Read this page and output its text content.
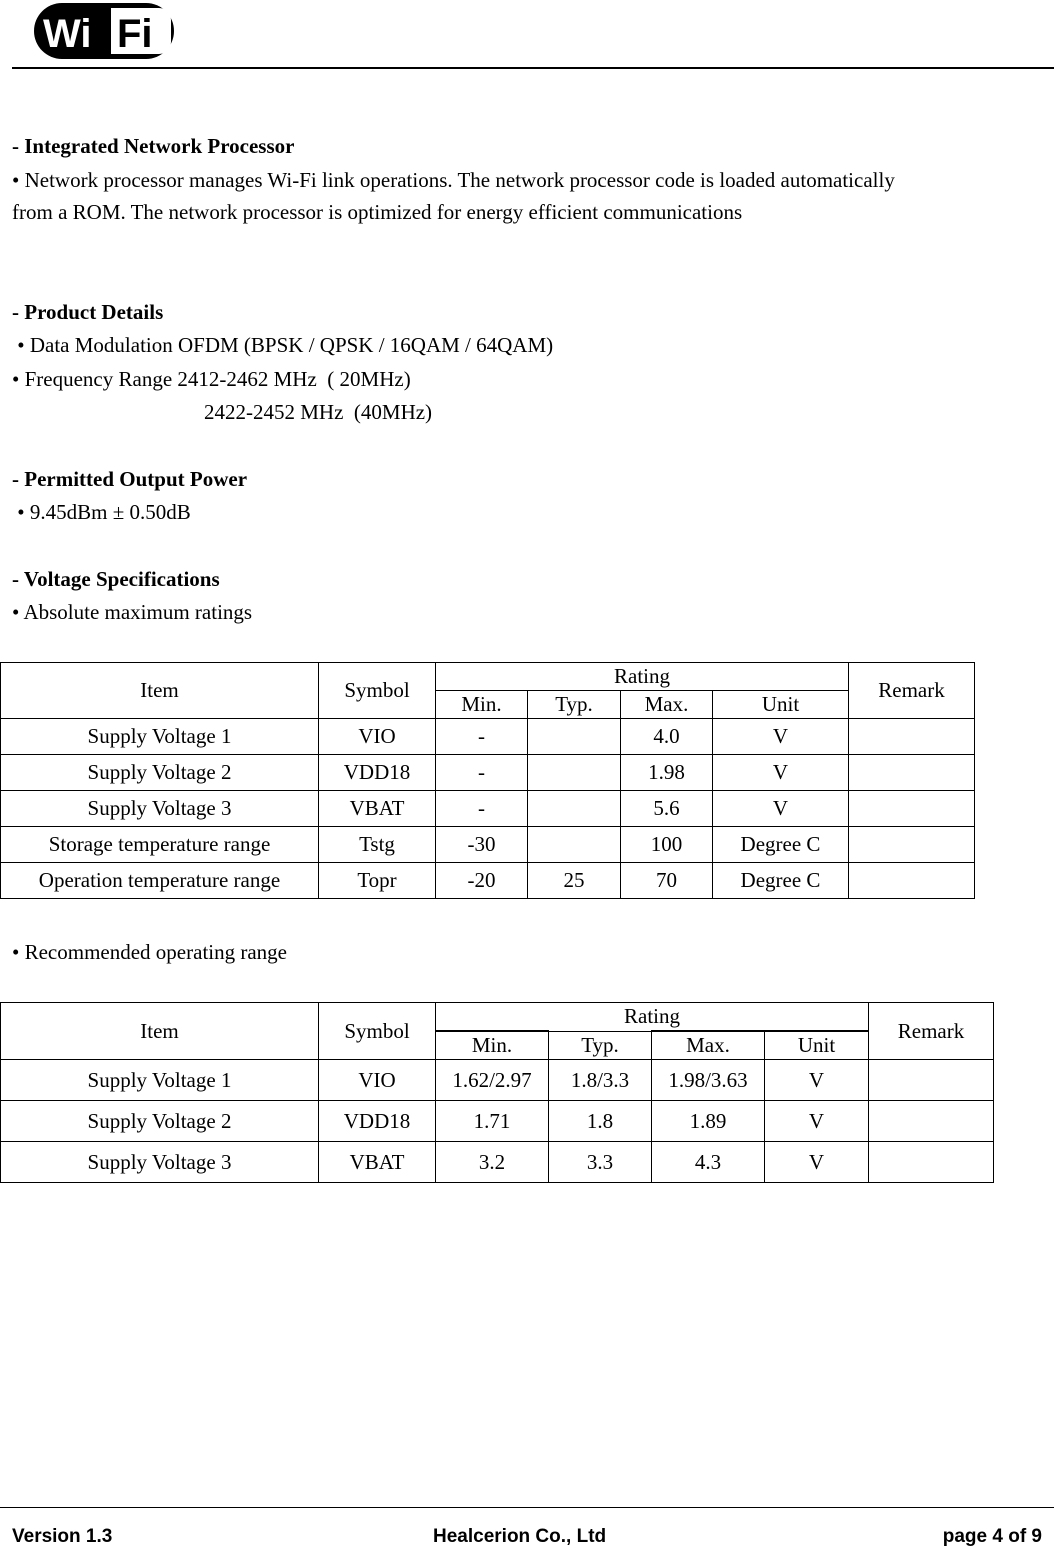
Wi Fi
- Integrated Network Processor
• Network processor manages Wi-Fi link operations. The network processor code is loaded automatically
from a ROM. The network processor is optimized for energy efficient communications
- Product Details
• Data Modulation OFDM (BPSK / QPSK / 16QAM / 64QAM)
• Frequency Range 2412-2462 MHz  ( 20MHz)
2422-2452 MHz  (40MHz)
- Permitted Output Power
• 9.45dBm ± 0.50dB
- Voltage Specifications
• Absolute maximum ratings
Item	Symbol	Rating				Remark
		Min.	Typ.	Max.	Unit	
Supply Voltage 1	VIO	-		4.0	V	
Supply Voltage 2	VDD18	-		1.98	V	
Supply Voltage 3	VBAT	-		5.6	V	
Storage temperature range	Tstg	-30		100	Degree C	
Operation temperature range	Topr	-20	25	70	Degree C	
• Recommended operating range
Item	Symbol	Rating				Remark
		Min.	Typ.	Max.	Unit	
Supply Voltage 1	VIO	1.62/2.97	1.8/3.3	1.98/3.63	V	
Supply Voltage 2	VDD18	1.71	1.8	1.89	V	
Supply Voltage 3	VBAT	3.2	3.3	4.3	V	
Version 1.3	Healcerion Co., Ltd	page 4 of 9
